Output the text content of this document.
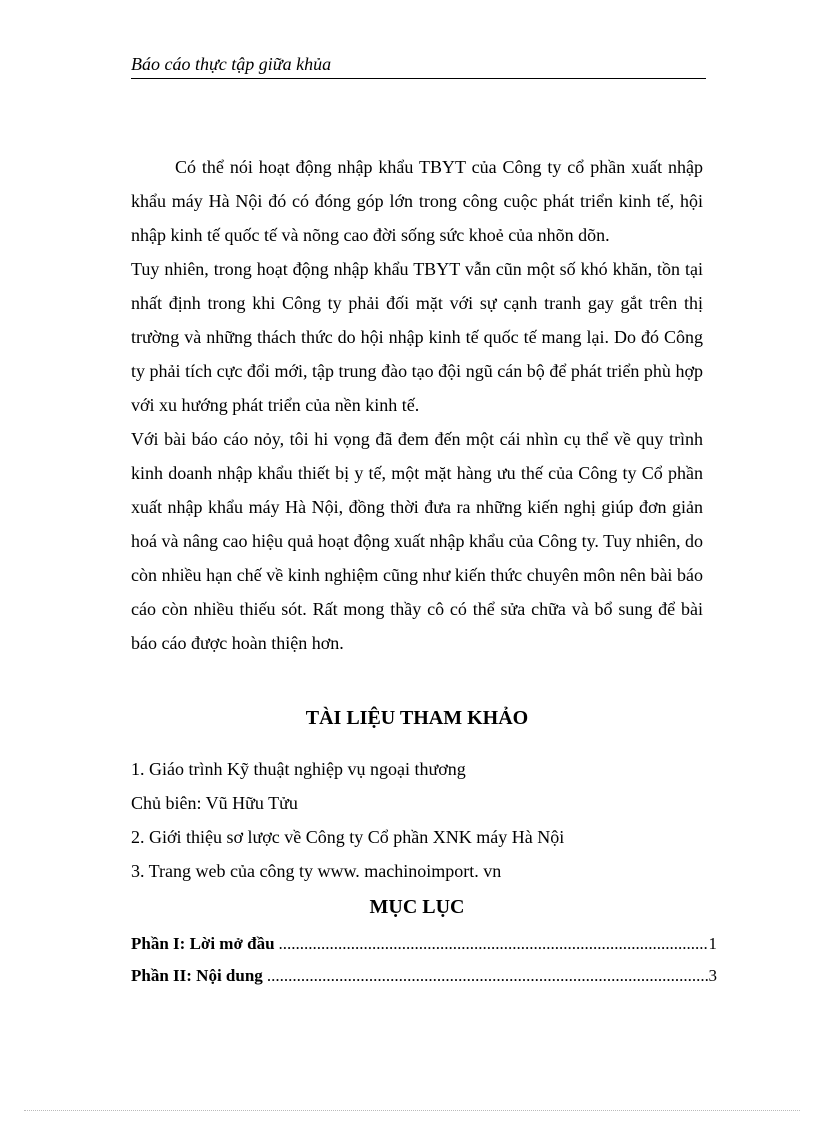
Báo cáo thực tập giữa khủa

Có thể nói hoạt động nhập khẩu TBYT của Công ty cổ phần xuất nhập khẩu máy Hà Nội đó có đóng góp lớn trong công cuộc phát triển kinh tế, hội nhập kinh tế quốc tế và nõng cao đời sống sức khoẻ của nhõn dõn.

Tuy nhiên, trong hoạt động nhập khẩu TBYT vẫn cũn một số khó khăn, tồn tại nhất định trong khi Công ty phải đối mặt với sự cạnh tranh gay gắt trên thị trường và những thách thức do hội nhập kinh tế quốc tế mang lại. Do đó Công ty phải tích cực đổi mới, tập trung đào tạo đội ngũ cán bộ để phát triển phù hợp với xu hướng phát triển của nền kinh tế.

Với bài báo cáo nỏy, tôi hi vọng đã đem đến một cái nhìn cụ thể về quy trình kinh doanh nhập khẩu thiết bị y tế, một mặt hàng ưu thế của Công ty Cổ phần xuất nhập khẩu máy Hà Nội, đồng thời đưa ra những kiến nghị giúp đơn giản hoá và nâng cao hiệu quả hoạt động xuất nhập khẩu của Công ty. Tuy nhiên, do còn nhiều hạn chế về kinh nghiệm cũng như kiến thức chuyên môn nên bài báo cáo còn nhiều thiếu sót. Rất mong thầy cô có thể sửa chữa và bổ sung để bài báo cáo được hoàn thiện hơn.

TÀI LIỆU THAM KHẢO
1. Giáo trình Kỹ thuật nghiệp vụ ngoại thương
Chủ biên: Vũ Hữu Tửu
2. Giới thiệu sơ lược về Công ty Cổ phần XNK máy Hà Nội
3. Trang web của công ty www. machinoimport. vn
MỤC LỤC
Phần I: Lời mở đầu .....	1
Phần II: Nội dung .....	3
